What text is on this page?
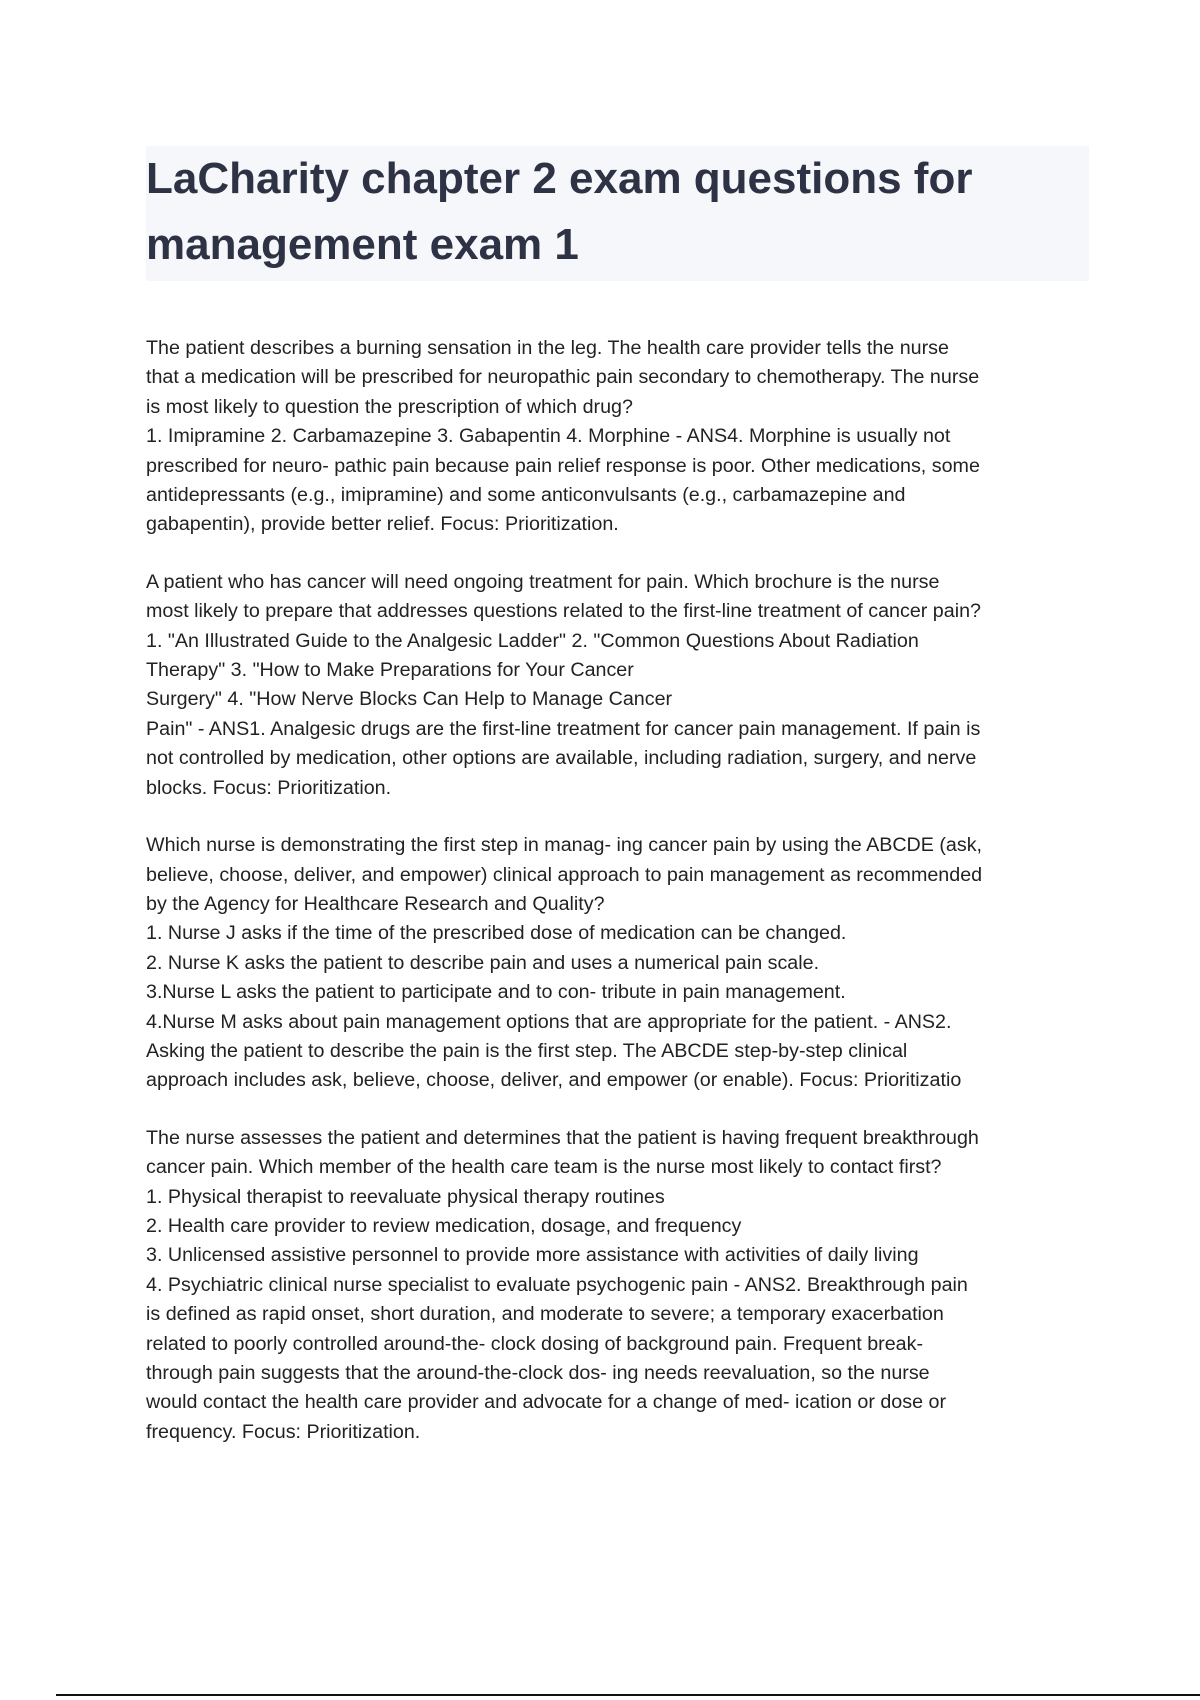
LaCharity chapter 2 exam questions for
management exam 1
The patient describes a burning sensation in the leg. The health care provider tells the nurse
that a medication will be prescribed for neuropathic pain secondary to chemotherapy. The nurse
is most likely to question the prescription of which drug?
1. Imipramine 2. Carbamazepine 3. Gabapentin 4. Morphine - ANS4. Morphine is usually not
prescribed for neuro- pathic pain because pain relief response is poor. Other medications, some
antidepressants (e.g., imipramine) and some anticonvulsants (e.g., carbamazepine and
gabapentin), provide better relief. Focus: Prioritization.
A patient who has cancer will need ongoing treatment for pain. Which brochure is the nurse
most likely to prepare that addresses questions related to the first-line treatment of cancer pain?
1. "An Illustrated Guide to the Analgesic Ladder" 2. "Common Questions About Radiation
Therapy" 3. "How to Make Preparations for Your Cancer
Surgery" 4. "How Nerve Blocks Can Help to Manage Cancer
Pain" - ANS1. Analgesic drugs are the first-line treatment for cancer pain management. If pain is
not controlled by medication, other options are available, including radiation, surgery, and nerve
blocks. Focus: Prioritization.
Which nurse is demonstrating the first step in manag- ing cancer pain by using the ABCDE (ask,
believe, choose, deliver, and empower) clinical approach to pain management as recommended
by the Agency for Healthcare Research and Quality?
1. Nurse J asks if the time of the prescribed dose of medication can be changed.
2. Nurse K asks the patient to describe pain and uses a numerical pain scale.
3.Nurse L asks the patient to participate and to con- tribute in pain management.
4.Nurse M asks about pain management options that are appropriate for the patient. - ANS2.
Asking the patient to describe the pain is the first step. The ABCDE step-by-step clinical
approach includes ask, believe, choose, deliver, and empower (or enable). Focus: Prioritizatio
The nurse assesses the patient and determines that the patient is having frequent breakthrough
cancer pain. Which member of the health care team is the nurse most likely to contact first?
1. Physical therapist to reevaluate physical therapy routines
2. Health care provider to review medication, dosage, and frequency
3. Unlicensed assistive personnel to provide more assistance with activities of daily living
4. Psychiatric clinical nurse specialist to evaluate psychogenic pain - ANS2. Breakthrough pain
is defined as rapid onset, short duration, and moderate to severe; a temporary exacerbation
related to poorly controlled around-the- clock dosing of background pain. Frequent break-
through pain suggests that the around-the-clock dos- ing needs reevaluation, so the nurse
would contact the health care provider and advocate for a change of med- ication or dose or
frequency. Focus: Prioritization.
